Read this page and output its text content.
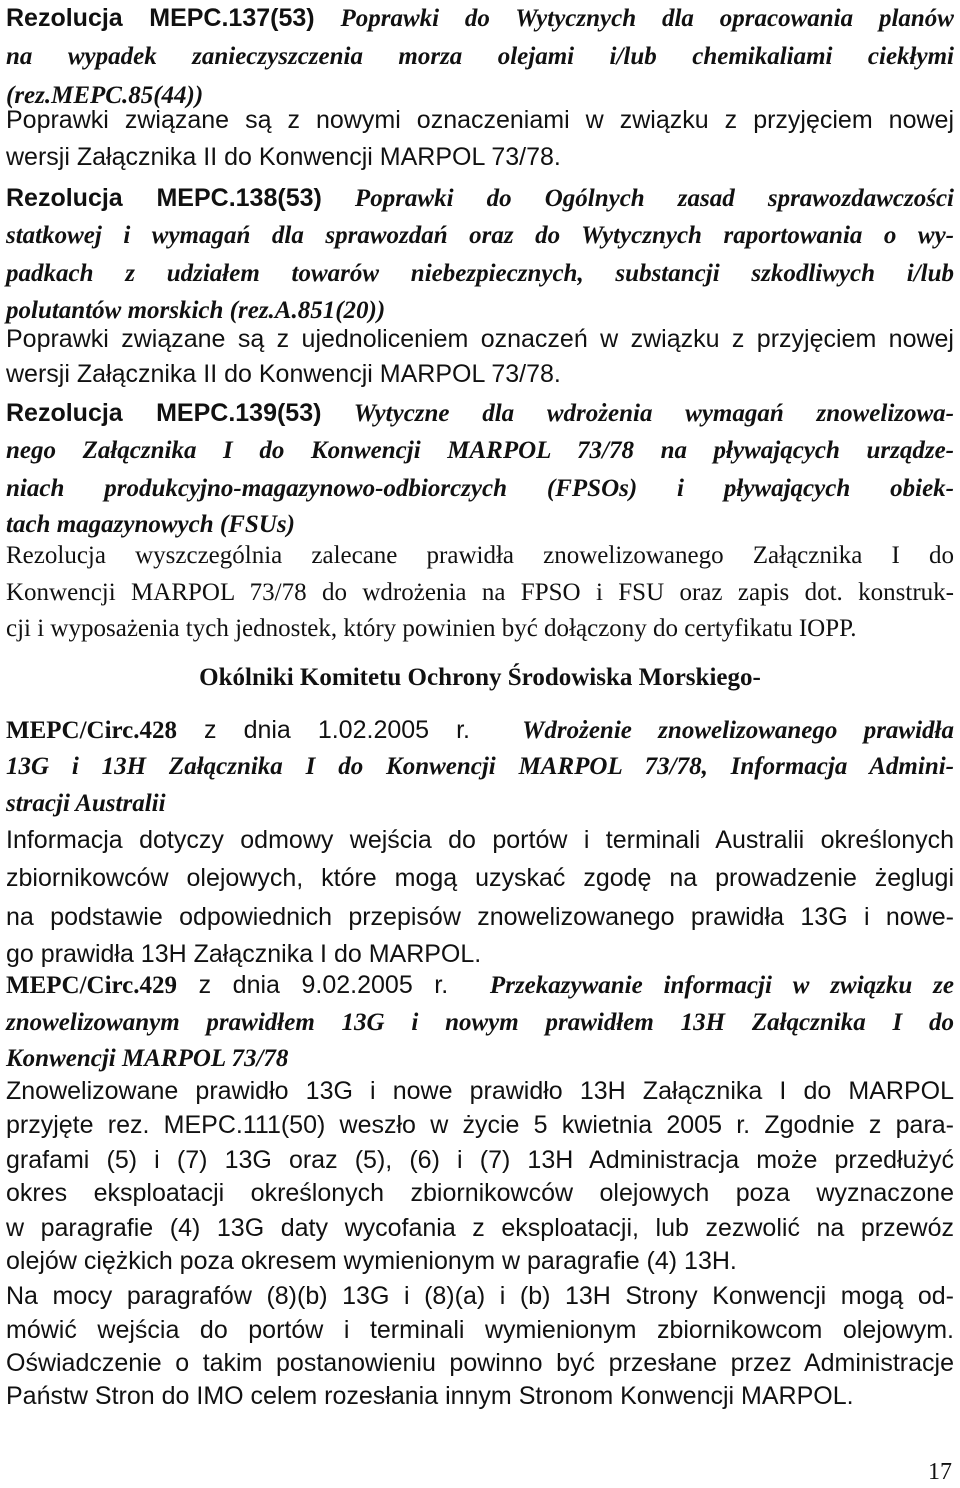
Rezolucja MEPC.137(53) Poprawki do Wytycznych dla opracowania planów
na wypadek zanieczyszczenia morza olejami i/lub chemikaliami ciekłymi
(rez.MEPC.85(44))
Poprawki związane są z nowymi oznaczeniami w związku z przyjęciem nowej
wersji Załącznika II do Konwencji MARPOL 73/78.
Rezolucja MEPC.138(53) Poprawki do Ogólnych zasad sprawozdawczości
statkowej i wymagań dla sprawozdań oraz do Wytycznych raportowania o wy-
padkach z udziałem towarów niebezpiecznych, substancji szkodliwych i/lub
polutantów morskich (rez.A.851(20))
Poprawki związane są z ujednoliceniem oznaczeń w związku z przyjęciem nowej
wersji Załącznika II do Konwencji MARPOL 73/78.
Rezolucja MEPC.139(53) Wytyczne dla wdrożenia wymagań znowelizowa-
nego Załącznika I do Konwencji MARPOL 73/78 na pływających urządze-
niach produkcyjno-magazynowo-odbiorczych (FPSOs) i pływających obiek-
tach magazynowych (FSUs)
Rezolucja wyszczególnia zalecane prawidła znowelizowanego Załącznika I do
Konwencji MARPOL 73/78 do wdrożenia na FPSO i FSU oraz zapis dot. konstruk-
cji i wyposażenia tych jednostek, który powinien być dołączony do certyfikatu IOPP.
Okólniki Komitetu Ochrony Środowiska Morskiego-
MEPC/Circ.428 z dnia 1.02.2005 r.  Wdrożenie znowelizowanego prawidła
13G i 13H Załącznika I do Konwencji MARPOL 73/78, Informacja Admini-
stracji Australii
Informacja dotyczy odmowy wejścia do portów i terminali Australii określonych
zbiornikowców olejowych, które mogą uzyskać zgodę na prowadzenie żeglugi
na podstawie odpowiednich przepisów znowelizowanego prawidła 13G i nowe-
go prawidła 13H Załącznika I do MARPOL.
MEPC/Circ.429 z dnia 9.02.2005 r.  Przekazywanie informacji w związku ze
znowelizowanym prawidłem 13G i nowym prawidłem 13H Załącznika I do
Konwencji MARPOL 73/78
Znowelizowane prawidło 13G i nowe prawidło 13H Załącznika I do MARPOL
przyjęte rez. MEPC.111(50) weszło w życie 5 kwietnia 2005 r. Zgodnie z para-
grafami (5) i (7) 13G oraz (5), (6) i (7) 13H Administracja może przedłużyć
okres eksploatacji określonych zbiornikowców olejowych poza wyznaczone
w paragrafie (4) 13G daty wycofania z eksploatacji, lub zezwolić na przewóz
olejów ciężkich poza okresem wymienionym w paragrafie (4) 13H.
Na mocy paragrafów (8)(b) 13G i (8)(a) i (b) 13H Strony Konwencji mogą od-
mówić wejścia do portów i terminali wymienionym zbiornikowcom olejowym.
Oświadczenie o takim postanowieniu powinno być przesłane przez Administracje
Państw Stron do IMO celem rozesłania innym Stronom Konwencji MARPOL.
17
